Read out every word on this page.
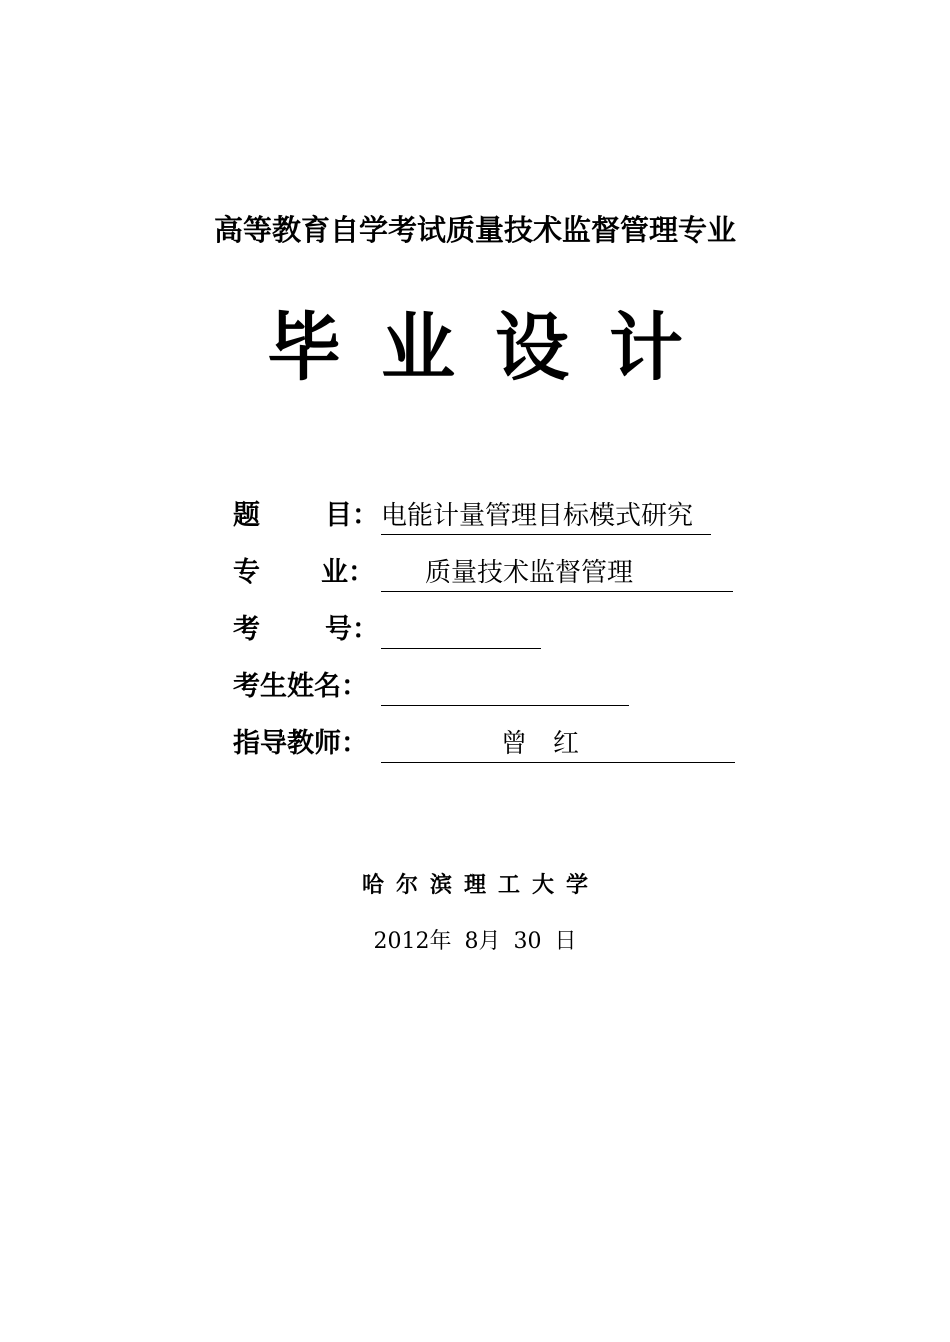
高等教育自学考试质量技术监督管理专业
毕业设计
题 目： 电能计量管理目标模式研究
专 业：	质量技术监督管理
考 号：
考生姓名：
指导教师：	曾　红
哈尔滨理工大学
2012年 8月 30 日
